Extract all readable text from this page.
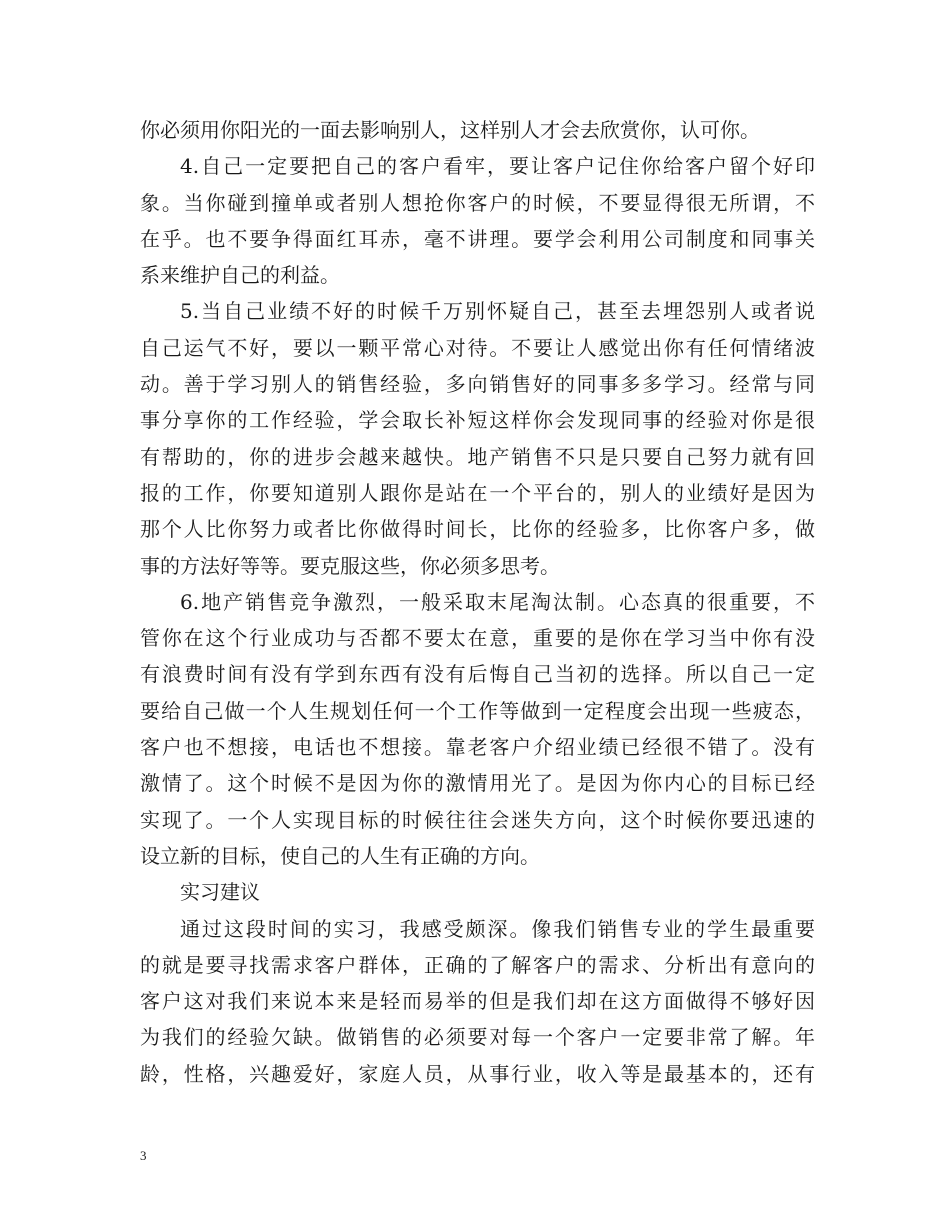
你必须用你阳光的一面去影响别人，这样别人才会去欣赏你，认可你。
4.自己一定要把自己的客户看牢，要让客户记住你给客户留个好印
象。当你碰到撞单或者别人想抢你客户的时候，不要显得很无所谓，不
在乎。也不要争得面红耳赤，毫不讲理。要学会利用公司制度和同事关
系来维护自己的利益。
5.当自己业绩不好的时候千万别怀疑自己，甚至去埋怨别人或者说
自己运气不好，要以一颗平常心对待。不要让人感觉出你有任何情绪波
动。善于学习别人的销售经验，多向销售好的同事多多学习。经常与同
事分享你的工作经验，学会取长补短这样你会发现同事的经验对你是很
有帮助的，你的进步会越来越快。地产销售不只是只要自己努力就有回
报的工作，你要知道别人跟你是站在一个平台的，别人的业绩好是因为
那个人比你努力或者比你做得时间长，比你的经验多，比你客户多，做
事的方法好等等。要克服这些，你必须多思考。
6.地产销售竞争激烈，一般采取末尾淘汰制。心态真的很重要，不
管你在这个行业成功与否都不要太在意，重要的是你在学习当中你有没
有浪费时间有没有学到东西有没有后悔自己当初的选择。所以自己一定
要给自己做一个人生规划任何一个工作等做到一定程度会出现一些疲态，
客户也不想接，电话也不想接。靠老客户介绍业绩已经很不错了。没有
激情了。这个时候不是因为你的激情用光了。是因为你内心的目标已经
实现了。一个人实现目标的时候往往会迷失方向，这个时候你要迅速的
设立新的目标，使自己的人生有正确的方向。
实习建议
通过这段时间的实习，我感受颇深。像我们销售专业的学生最重要
的就是要寻找需求客户群体，正确的了解客户的需求、分析出有意向的
客户这对我们来说本来是轻而易举的但是我们却在这方面做得不够好因
为我们的经验欠缺。做销售的必须要对每一个客户一定要非常了解。年
龄，性格，兴趣爱好，家庭人员，从事行业，收入等是最基本的，还有
3
